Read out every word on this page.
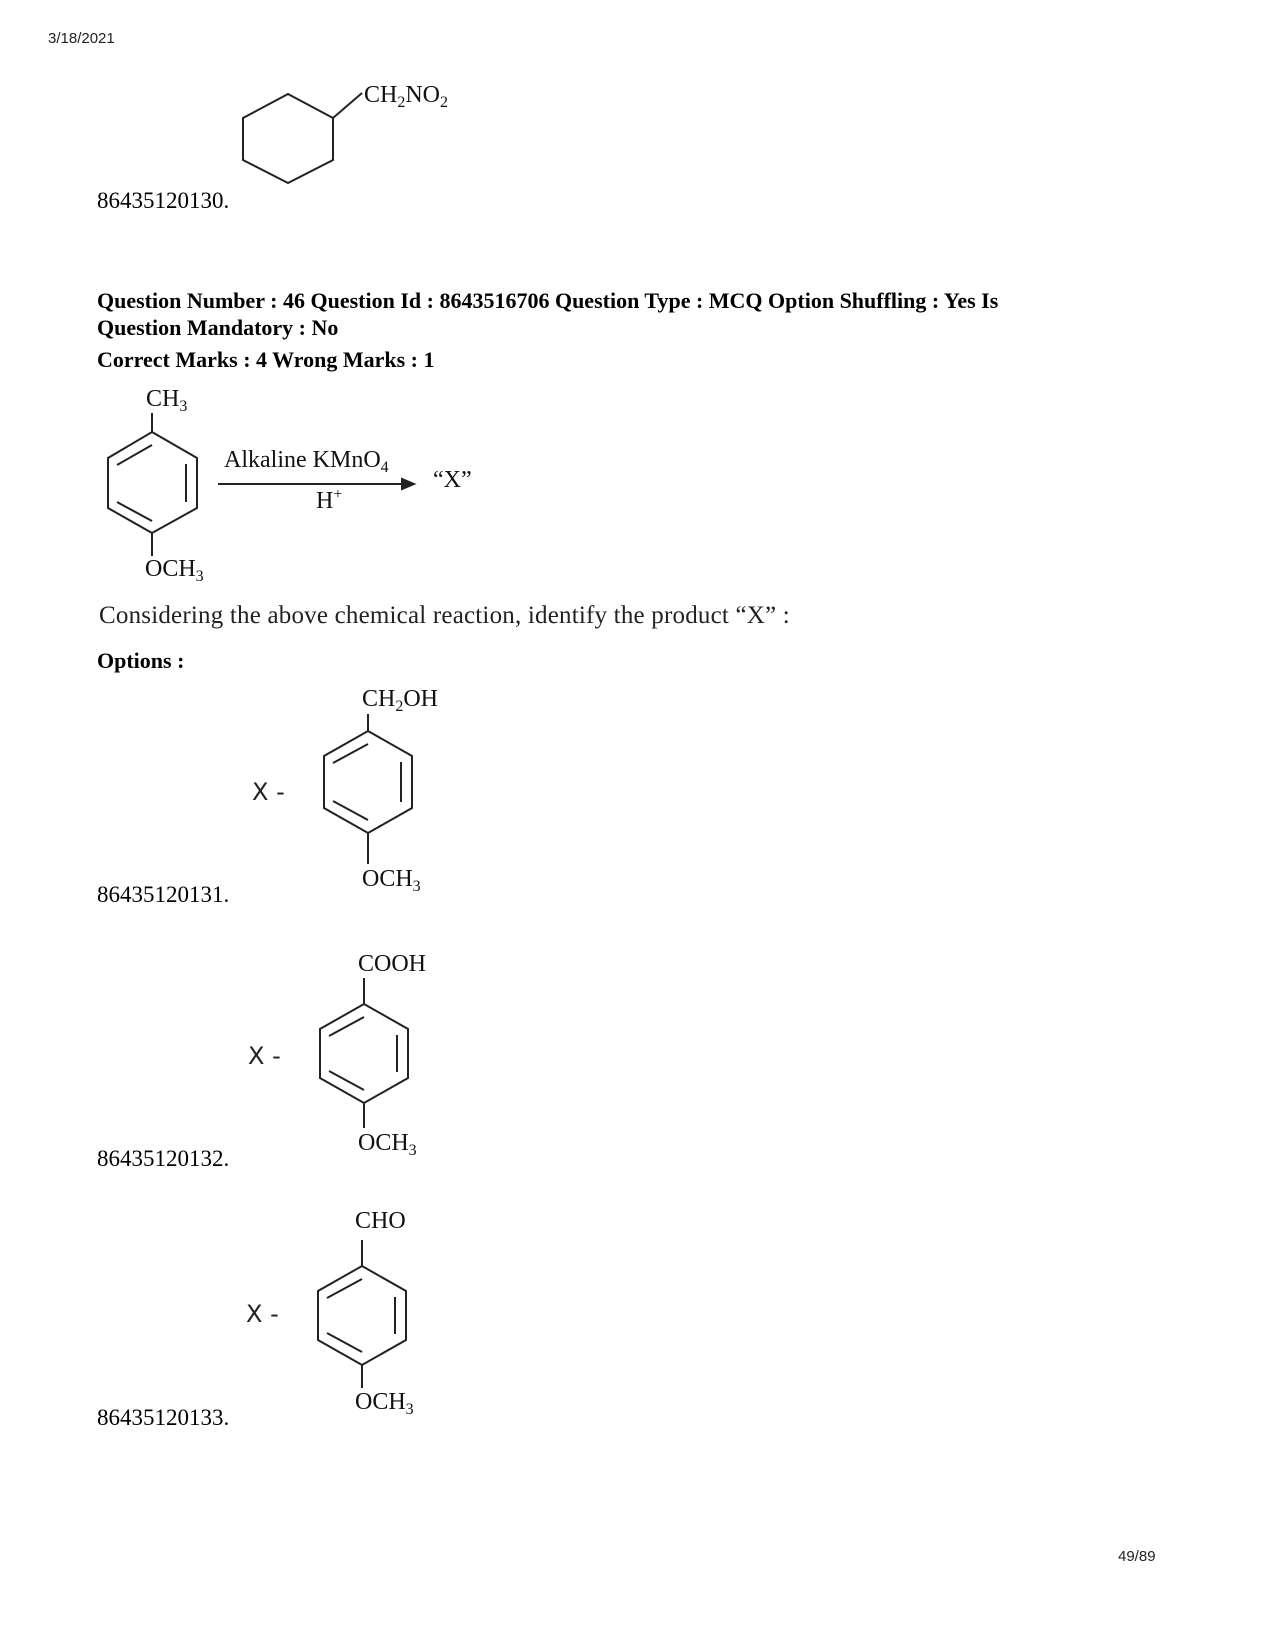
3/18/2021
$CH_2NO_2$
86435120130.
Question Number : 46 Question Id : 8643516706 Question Type : MCQ Option Shuffling : Yes Is
Question Mandatory : No
Correct Marks : 4 Wrong Marks : 1
$CH_3$
$OCH_3$
Alkaline KMnO$_4$
H+
“X”
Considering the above chemical reaction, identify the product “X” :
Options :
X -
$CH_2OH$
$OCH_3$
86435120131.
X -
COOH
$OCH_3$
86435120132.
X -
CHO
$OCH_3$
86435120133.
49/89
